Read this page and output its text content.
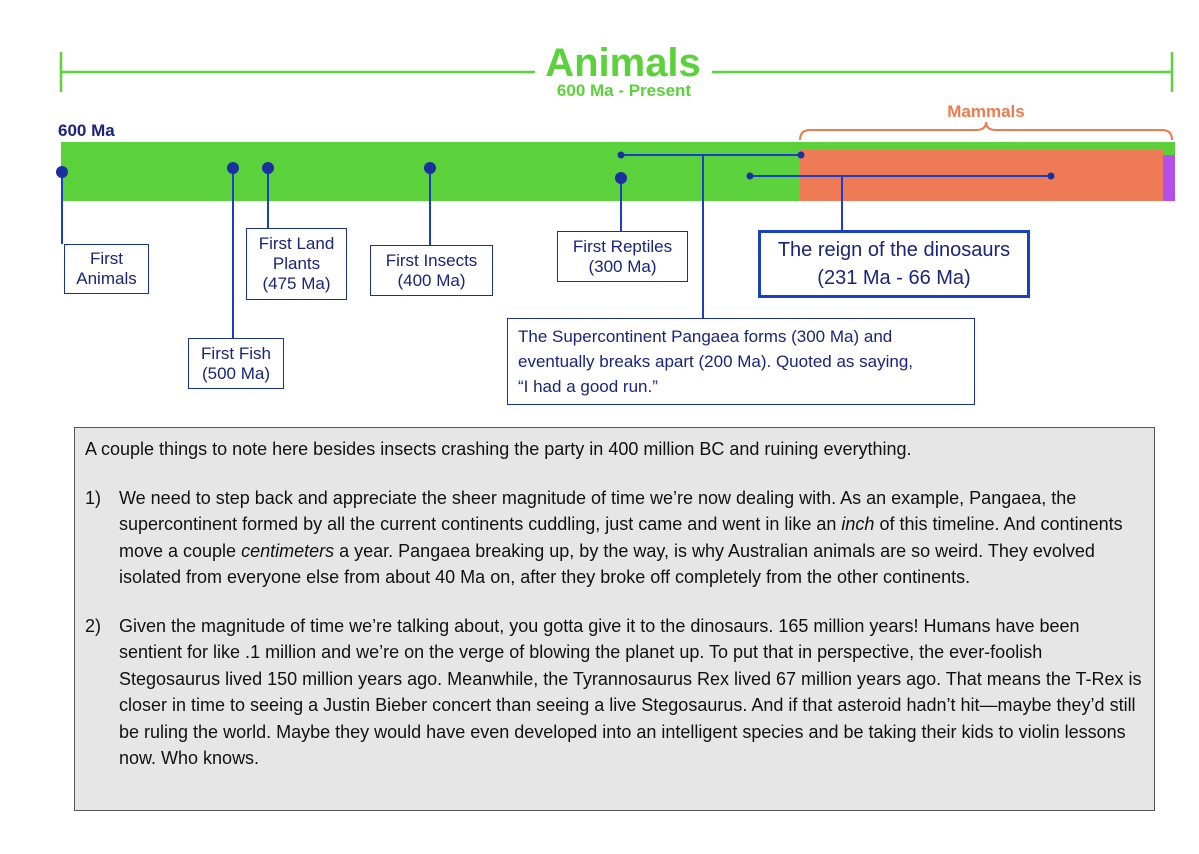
Animals
600 Ma - Present
600 Ma
Mammals
First
Animals
First Fish
(500 Ma)
First Land
Plants
(475 Ma)
First Insects
(400 Ma)
First Reptiles
(300 Ma)
The reign of the dinosaurs
(231 Ma - 66 Ma)
The Supercontinent Pangaea forms (300 Ma) and
eventually breaks apart (200 Ma). Quoted as saying,
“I had a good run.”

A couple things to note here besides insects crashing the party in 400 million BC and ruining everything.

1) We need to step back and appreciate the sheer magnitude of time we’re now dealing with. As an example, Pangaea, the supercontinent formed by all the current continents cuddling, just came and went in like an inch of this timeline. And continents move a couple centimeters a year. Pangaea breaking up, by the way, is why Australian animals are so weird. They evolved isolated from everyone else from about 40 Ma on, after they broke off completely from the other continents.
2) Given the magnitude of time we’re talking about, you gotta give it to the dinosaurs. 165 million years! Humans have been sentient for like .1 million and we’re on the verge of blowing the planet up. To put that in perspective, the ever-foolish Stegosaurus lived 150 million years ago. Meanwhile, the Tyrannosaurus Rex lived 67 million years ago. That means the T-Rex is closer in time to seeing a Justin Bieber concert than seeing a live Stegosaurus. And if that asteroid hadn’t hit—maybe they’d still be ruling the world. Maybe they would have even developed into an intelligent species and be taking their kids to violin lessons now. Who knows.
